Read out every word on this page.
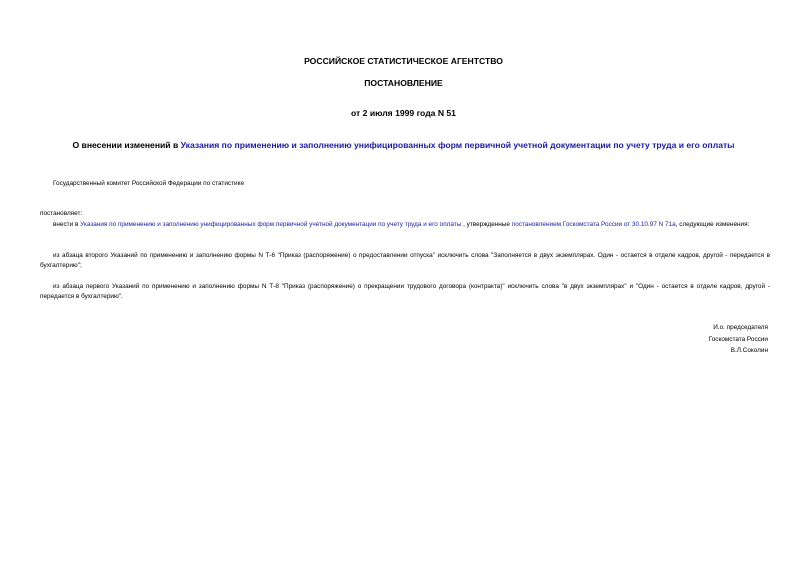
РОССИЙСКОЕ СТАТИСТИЧЕСКОЕ АГЕНТСТВО
ПОСТАНОВЛЕНИЕ
от 2 июля 1999 года N 51
О внесении изменений в Указания по применению и заполнению унифицированных форм первичной учетной документации по учету труда и его оплаты
Государственный комитет Российской Федерации по статистике
постановляет:
внести в Указания по применению и заполнению унифицированных форм первичной учетной документации по учету труда и его оплаты , утвержденные постановлением Госкомстата России от 30.10.97 N 71а, следующие изменения:
из абзаца второго Указаний по применению и заполнению формы N Т-6 "Приказ (распоряжение) о предоставлении отпуска" исключить слова "Заполняется в двух экземплярах. Один - остается в отделе кадров, другой - передается в бухгалтерию";
из абзаца первого Указаний по применению и заполнению формы N Т-8 "Приказ (распоряжение) о прекращении трудового договора (контракта)" исключить слова "в двух экземплярах" и "Один - остается в отделе кадров, другой - передается в бухгалтерию".
И.о. председателя
Госкомстата России
В.Л.Соколин
